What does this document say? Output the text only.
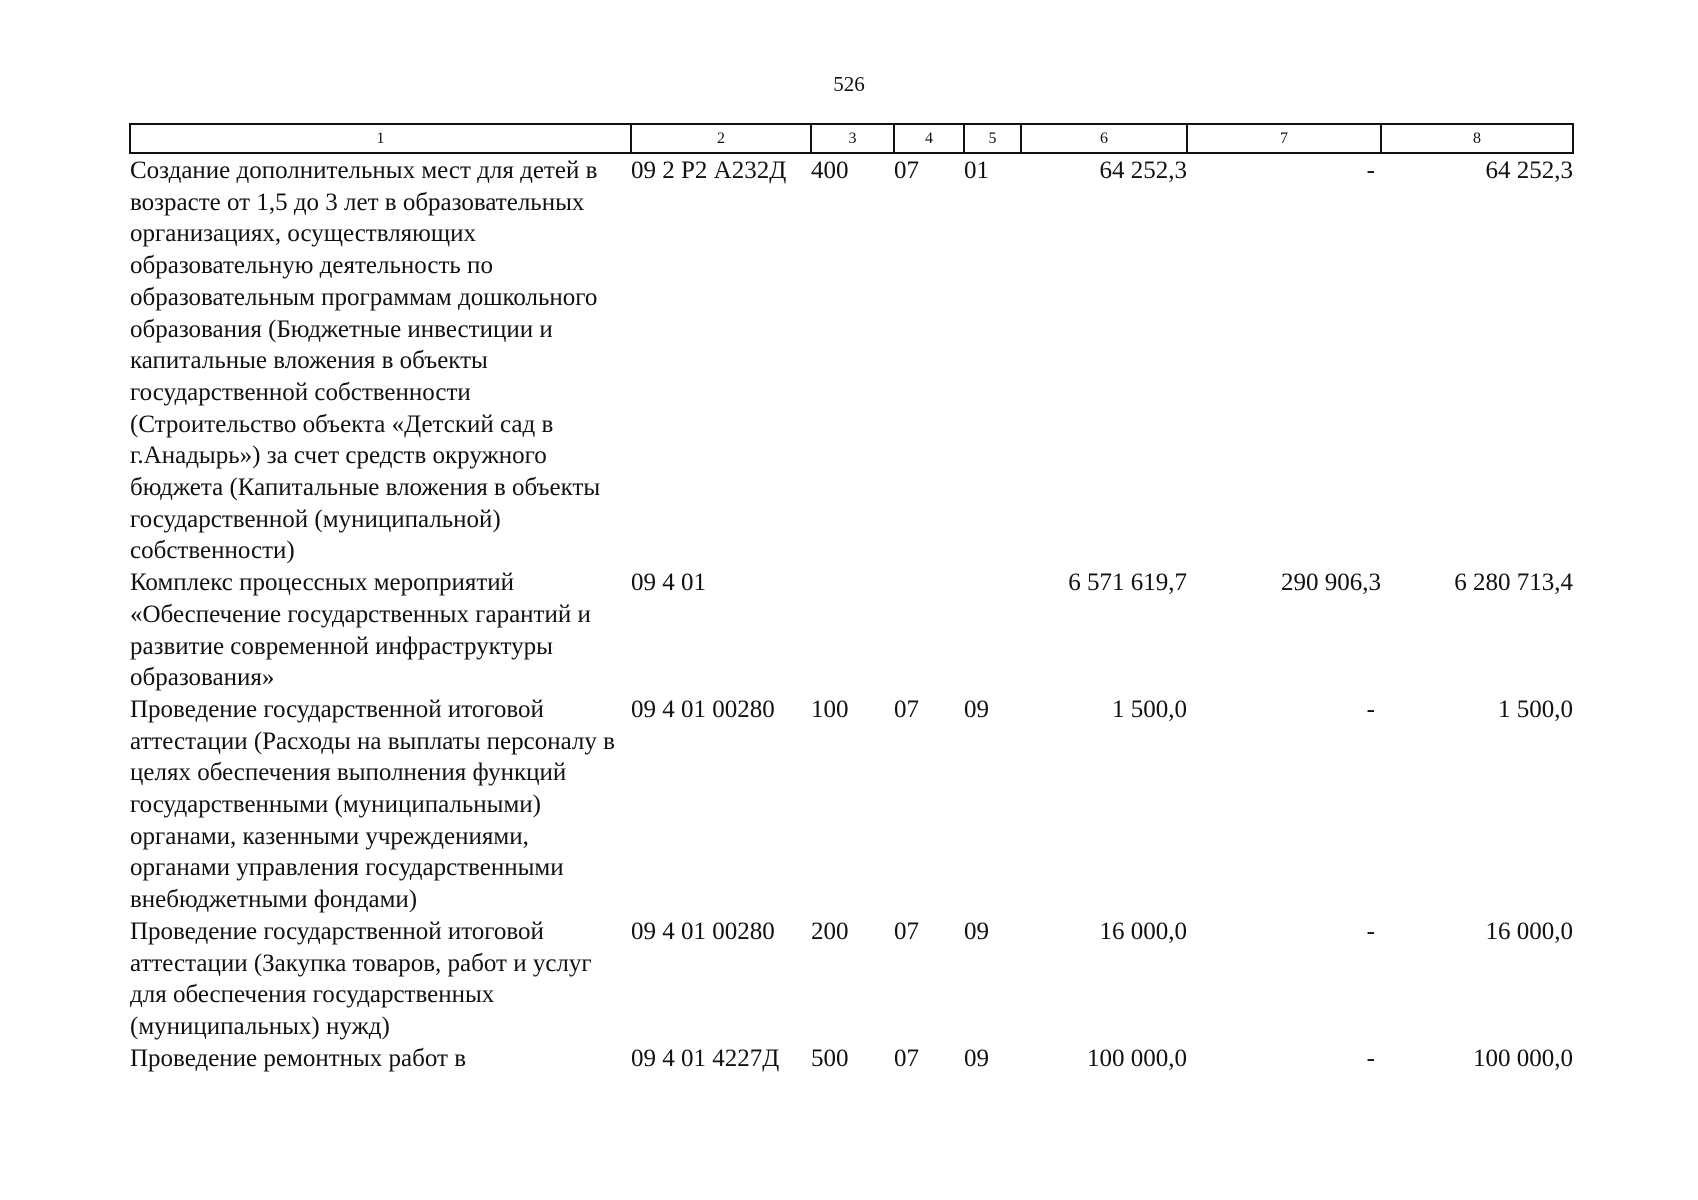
526
1	2	3	4	5	6	7	8
Создание дополнительных мест для детей в возрасте от 1,5 до 3 лет в образовательных организациях, осуществляющих образовательную деятельность по образовательным программам дошкольного образования (Бюджетные инвестиции и капитальные вложения в объекты государственной собственности (Строительство объекта «Детский сад в г.Анадырь») за счет средств окружного бюджета (Капитальные вложения в объекты государственной (муниципальной) собственности)	09 2 Р2 А232Д	400	07	01	64 252,3	-	64 252,3
Комплекс процессных мероприятий «Обеспечение государственных гарантий и развитие современной инфраструктуры образования»	09 4 01				6 571 619,7	290 906,3	6 280 713,4
Проведение государственной итоговой аттестации (Расходы на выплаты персоналу в целях обеспечения выполнения функций государственными (муниципальными) органами, казенными учреждениями, органами управления государственными внебюджетными фондами)	09 4 01 00280	100	07	09	1 500,0	-	1 500,0
Проведение государственной итоговой аттестации (Закупка товаров, работ и услуг для обеспечения государственных (муниципальных) нужд)	09 4 01 00280	200	07	09	16 000,0	-	16 000,0
Проведение ремонтных работ в	09 4 01 4227Д	500	07	09	100 000,0	-	100 000,0
